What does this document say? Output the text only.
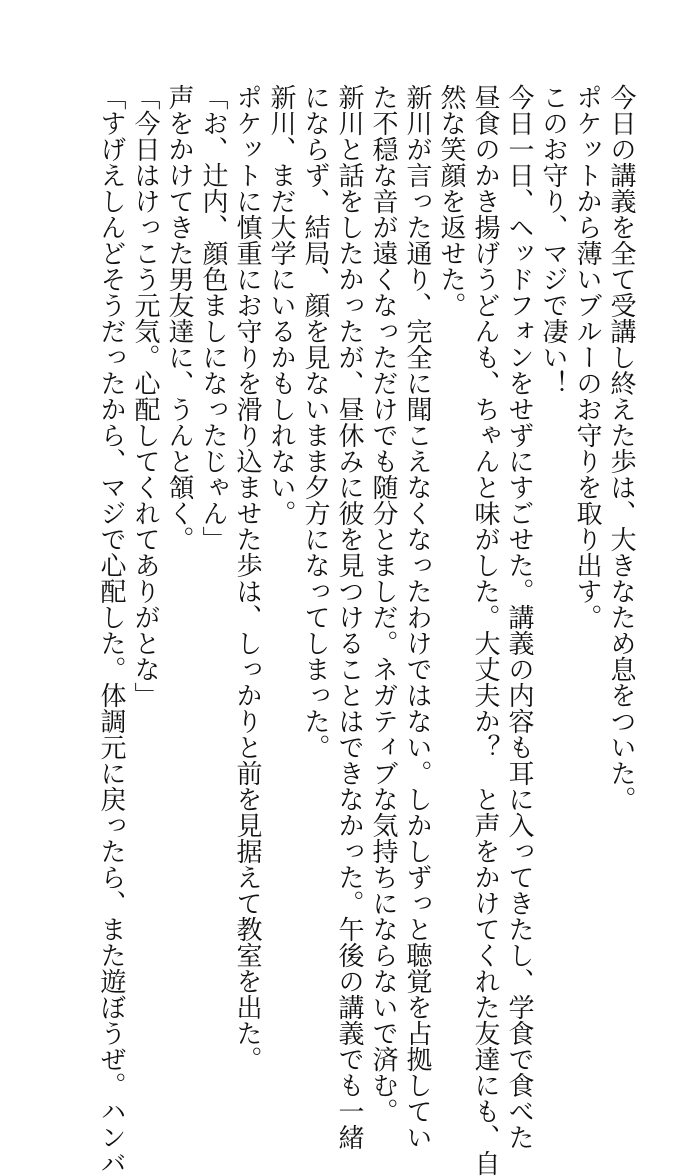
今日の講義を全て受講し終えた歩は、大きなため息をついた。
ポケットから薄いブルーのお守りを取り出す。
このお守り、マジで凄い！
今日一日、ヘッドフォンをせずにすごせた。講義の内容も耳に入ってきたし、学食で食べた
昼食のかき揚げうどんも、ちゃんと味がした。大丈夫か？　と声をかけてくれた友達にも、自
然な笑顔を返せた。
新川が言った通り、完全に聞こえなくなったわけではない。しかしずっと聴覚を占拠してい
た不穏な音が遠くなっただけでも随分とましだ。ネガティブな気持ちにならないで済む。
新川と話をしたかったが、昼休みに彼を見つけることはできなかった。午後の講義でも一緒
にならず、結局、顔を見ないまま夕方になってしまった。
新川、まだ大学にいるかもしれない。
ポケットに慎重にお守りを滑り込ませた歩は、しっかりと前を見据えて教室を出た。
「お、辻内、顔色ましになったじゃん」
声をかけてきた男友達に、うんと頷く。
「今日はけっこう元気。心配してくれてありがとな」
「すげえしんどそうだったから、マジで心配した。体調元に戻ったら、また遊ぼうぜ。ハンバ
